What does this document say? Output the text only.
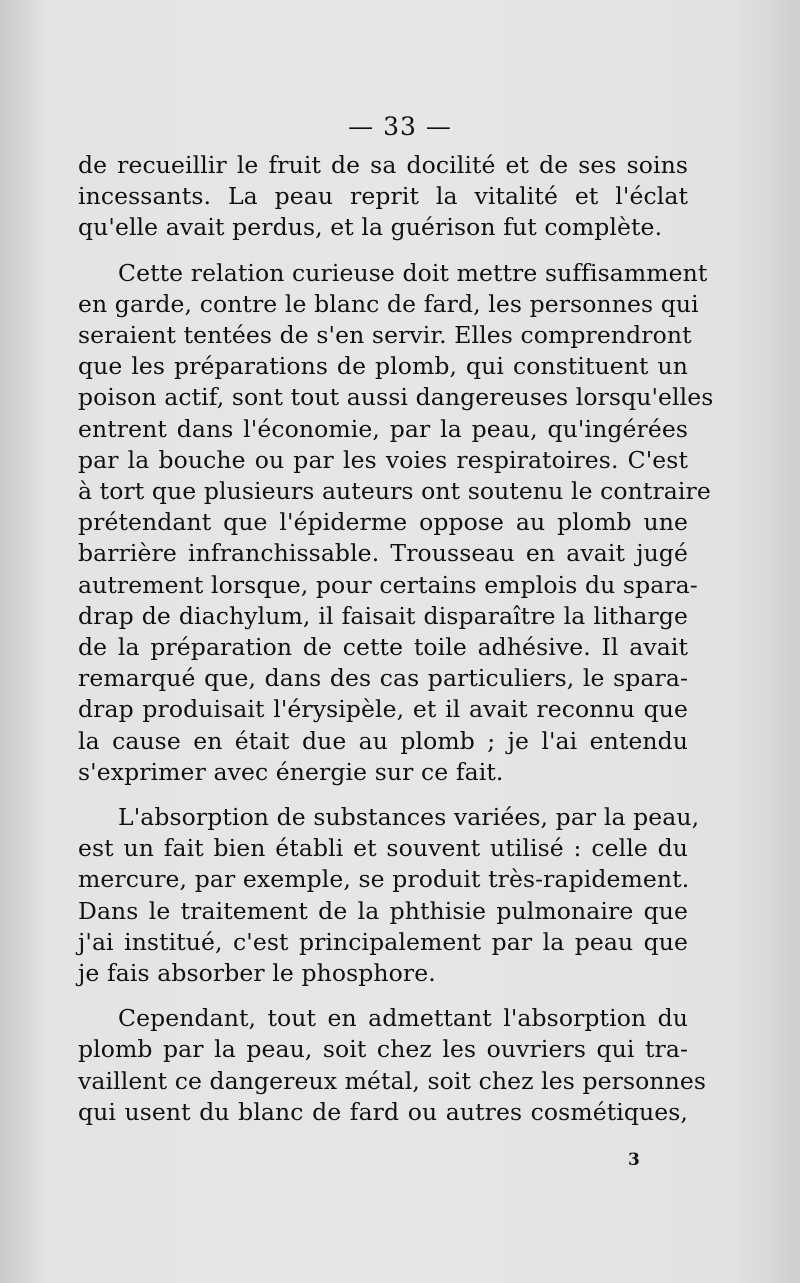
— 33 —

de recueillir le fruit de sa docilité et de ses soins
incessants. La peau reprit la vitalité et l'éclat
qu'elle avait perdus, et la guérison fut complète.

Cette relation curieuse doit mettre suffisamment
en garde, contre le blanc de fard, les personnes qui
seraient tentées de s'en servir. Elles comprendront
que les préparations de plomb, qui constituent un
poison actif, sont tout aussi dangereuses lorsqu'elles
entrent dans l'économie, par la peau, qu'ingérées
par la bouche ou par les voies respiratoires. C'est
à tort que plusieurs auteurs ont soutenu le contraire
prétendant que l'épiderme oppose au plomb une
barrière infranchissable. Trousseau en avait jugé
autrement lorsque, pour certains emplois du spara-
drap de diachylum, il faisait disparaître la litharge
de la préparation de cette toile adhésive. Il avait
remarqué que, dans des cas particuliers, le spara-
drap produisait l'érysipèle, et il avait reconnu que
la cause en était due au plomb ; je l'ai entendu
s'exprimer avec énergie sur ce fait.

L'absorption de substances variées, par la peau,
est un fait bien établi et souvent utilisé : celle du
mercure, par exemple, se produit très-rapidement.
Dans le traitement de la phthisie pulmonaire que
j'ai institué, c'est principalement par la peau que
je fais absorber le phosphore.

Cependant, tout en admettant l'absorption du
plomb par la peau, soit chez les ouvriers qui tra-
vaillent ce dangereux métal, soit chez les personnes
qui usent du blanc de fard ou autres cosmétiques,

3
